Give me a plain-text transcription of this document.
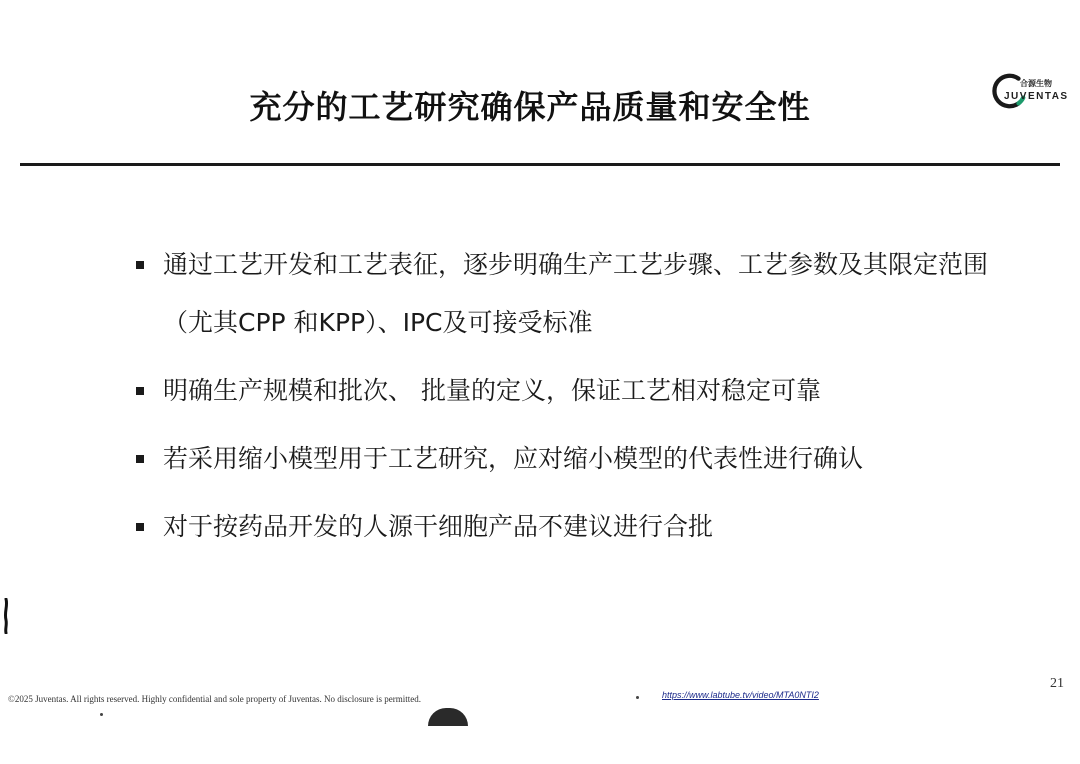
充分的工艺研究确保产品质量和安全性
合源生物
JUVENTAS
通过工艺开发和工艺表征，逐步明确生产工艺步骤、工艺参数及其限定范围（尤其CPP 和KPP）、IPC及可接受标准
明确生产规模和批次、 批量的定义，保证工艺相对稳定可靠
若采用缩小模型用于工艺研究，应对缩小模型的代表性进行确认
对于按药品开发的人源干细胞产品不建议进行合批
21
©2025 Juventas. All rights reserved. Highly confidential and sole property of Juventas. No disclosure is permitted.	https://www.labtube.tv/video/MTA0NTI2
